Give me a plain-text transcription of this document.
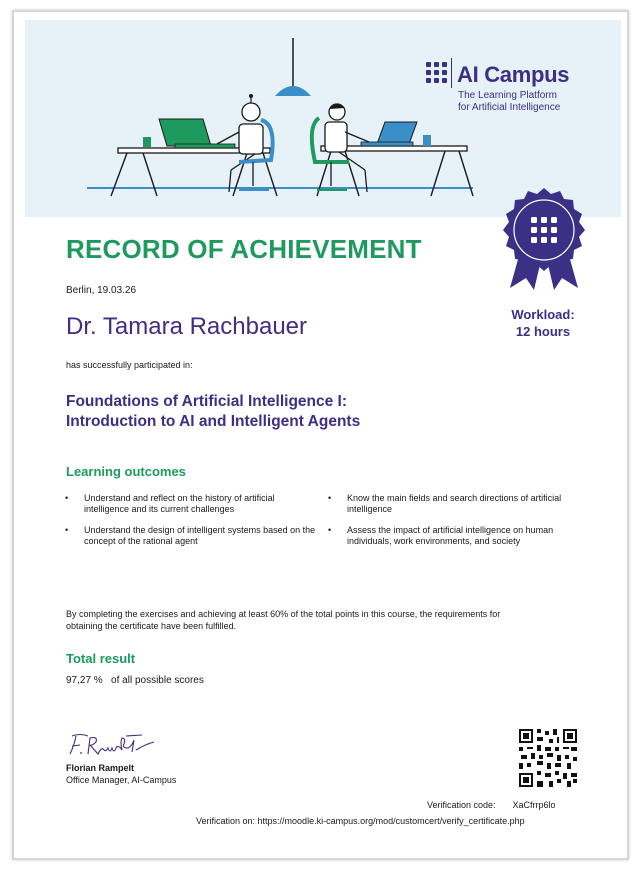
AI Campus
The Learning Platform
for Artificial Intelligence
Workload:
12 hours
RECORD OF ACHIEVEMENT
Berlin, 19.03.26
Dr. Tamara Rachbauer
has successfully participated in:
Foundations of Artificial Intelligence I:
Introduction to AI and Intelligent Agents
Learning outcomes
• Understand and reflect on the history of artificial intelligence and its current challenges
• Know the main fields and search directions of artificial intelligence
• Understand the design of intelligent systems based on the concept of the rational agent
• Assess the impact of artificial intelligence on human individuals, work environments, and society
By completing the exercises and achieving at least 60% of the total points in this course, the requirements for obtaining the certificate have been fulfilled.
Total result
97,27 % of all possible scores
Florian Rampelt
Office Manager, AI-Campus
Verification code: XaCfrrp6lo
Verification on: https://moodle.ki-campus.org/mod/customcert/verify_certificate.php
